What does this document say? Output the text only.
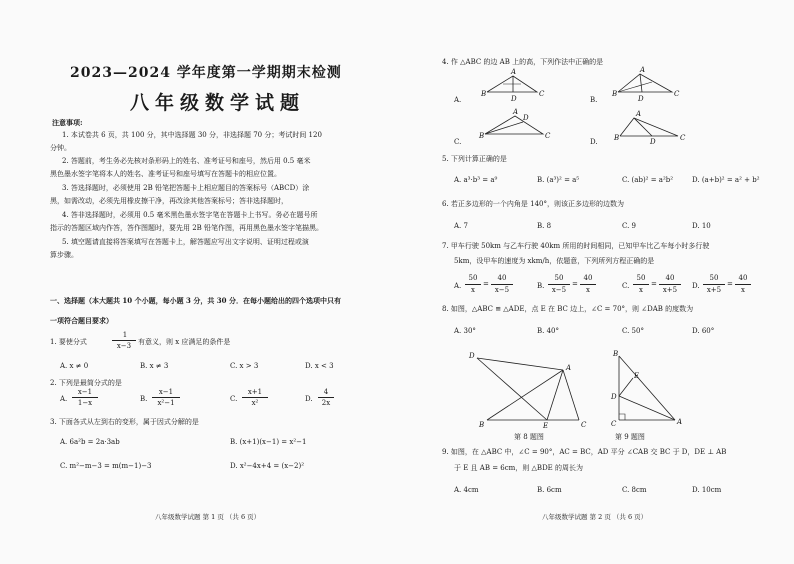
2023—2024 学年度第一学期期末检测
八年级数学试题
注意事项:
1. 本试卷共 6 页，共 100 分，其中选择题 30 分，非选择题 70 分；考试时间 120
分钟。
2. 答题前，考生务必先核对条形码上的姓名、准考证号和座号，然后用 0.5 毫米
黑色墨水签字笔将本人的姓名、准考证号和座号填写在答题卡的相应位置。
3. 答选择题时，必须使用 2B 铅笔把答题卡上相应题目的答案标号（ABCD）涂
黑，如需改动，必须先用橡皮擦干净，再改涂其他答案标号；答非选择题时，
4. 答非选择题时，必须用 0.5 毫米黑色墨水签字笔在答题卡上书写。务必在题号所
指示的答题区域内作答，答作图题时，要先用 2B 铅笔作图，再用黑色墨水签字笔描黑。
5. 填空题请直接将答案填写在答题卡上，解答题应写出文字说明、证明过程或演
算步骤。
一、选择题（本大题共 10 个小题，每小题 3 分，共 30 分．在每小题给出的四个选项中只有
一项符合题目要求）
1. 要使分式
1
x−3 有意义，则 x 应满足的条件是
A. x ≠ 0	B. x ≠ 3	C. x > 3	D. x < 3
2. 下列是最简分式的是
A.
x−1
1−x	B.
x−1
x²−1	C.
x+1
x²	D.
4
2x
3. 下面各式从左到右的变形，属于因式分解的是
A. 6a²b = 2a·3ab	B. (x+1)(x−1) = x²−1
C. m²−m−3 = m(m−1)−3	D. x²−4x+4 = (x−2)²
八年级数学试题 第 1 页 （共 6 页）
4. 作 △ABC 的边 AB 上的高，下列作法中正确的是
A.	B.
C.	D.
B
A
C
D
B
A
C
D
B
A
C
D
B
A
C
D
5. 下列计算正确的是
A. a³·b³ = a⁹	B. (a³)² = a⁵	C. (ab)² = a²b²	D. (a+b)² = a² + b²
6. 若正多边形的一个内角是 140°，则该正多边形的边数为
A. 7	B. 8	C. 9	D. 10
7. 甲车行驶 50km 与乙车行驶 40km 所用的时间相同，已知甲车比乙车每小时多行驶
5km，设甲车的速度为 xkm/h，依题意，下列所列方程正确的是
A.
50
x
=
40
x−5	B.
50
x−5
=
40
x	C.
50
x
=
40
x+5	D.
50
x+5
=
40
x
8. 如图，△ABC ≌ △ADE，点 E 在 BC 边上，∠C = 70°，则 ∠DAB 的度数为
A. 30°	B. 40°	C. 50°	D. 60°
D
A
B	E	C
第 8 题图
B
E
D
C	A
第 9 题图
9. 如图，在 △ABC 中，∠C = 90°，AC = BC，AD 平分 ∠CAB 交 BC 于 D，DE ⊥ AB
于 E 且 AB = 6cm，则 △BDE 的周长为
A. 4cm	B. 6cm	C. 8cm	D. 10cm
八年级数学试题 第 2 页 （共 6 页）
